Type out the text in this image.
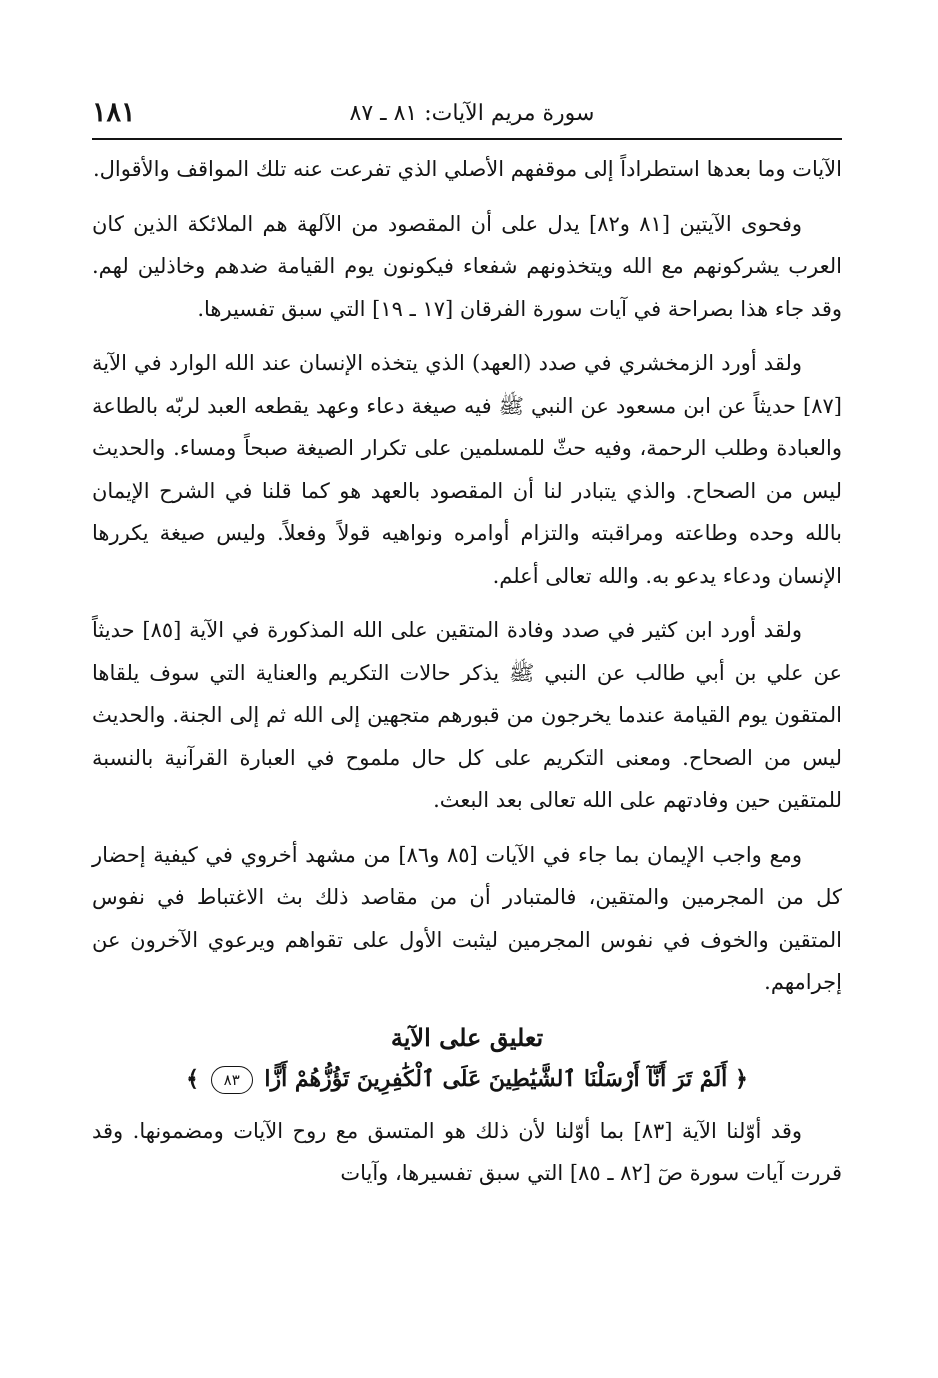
سورة مريم الآيات: ٨١ ـ ٨٧
١٨١

الآيات وما بعدها استطراداً إلى موقفهم الأصلي الذي تفرعت عنه تلك المواقف والأقوال.

وفحوى الآيتين [٨١ و٨٢] يدل على أن المقصود من الآلهة هم الملائكة الذين كان العرب يشركونهم مع الله ويتخذونهم شفعاء فيكونون يوم القيامة ضدهم وخاذلين لهم. وقد جاء هذا بصراحة في آيات سورة الفرقان [١٧ ـ ١٩] التي سبق تفسيرها.

ولقد أورد الزمخشري في صدد (العهد) الذي يتخذه الإنسان عند الله الوارد في الآية [٨٧] حديثاً عن ابن مسعود عن النبي ﷺ فيه صيغة دعاء وعهد يقطعه العبد لربّه بالطاعة والعبادة وطلب الرحمة، وفيه حثّ للمسلمين على تكرار الصيغة صبحاً ومساء. والحديث ليس من الصحاح. والذي يتبادر لنا أن المقصود بالعهد هو كما قلنا في الشرح الإيمان بالله وحده وطاعته ومراقبته والتزام أوامره ونواهيه قولاً وفعلاً. وليس صيغة يكررها الإنسان ودعاء يدعو به. والله تعالى أعلم.

ولقد أورد ابن كثير في صدد وفادة المتقين على الله المذكورة في الآية [٨٥] حديثاً عن علي بن أبي طالب عن النبي ﷺ يذكر حالات التكريم والعناية التي سوف يلقاها المتقون يوم القيامة عندما يخرجون من قبورهم متجهين إلى الله ثم إلى الجنة. والحديث ليس من الصحاح. ومعنى التكريم على كل حال ملموح في العبارة القرآنية بالنسبة للمتقين حين وفادتهم على الله تعالى بعد البعث.

ومع واجب الإيمان بما جاء في الآيات [٨٥ و٨٦] من مشهد أخروي في كيفية إحضار كل من المجرمين والمتقين، فالمتبادر أن من مقاصد ذلك بث الاغتباط في نفوس المتقين والخوف في نفوس المجرمين ليثبت الأول على تقواهم ويرعوي الآخرون عن إجرامهم.

تعليق على الآية
﴿ أَلَمْ تَرَ أَنَّآ أَرْسَلْنَا ٱلشَّيَٰطِينَ عَلَى ٱلْكَٰفِرِينَ تَؤُزُّهُمْ أَزًّا ٨٣ ﴾

وقد أوّلنا الآية [٨٣] بما أوّلنا لأن ذلك هو المتسق مع روح الآيات ومضمونها. وقد قررت آيات سورة صٓ [٨٢ ـ ٨٥] التي سبق تفسيرها، وآيات
